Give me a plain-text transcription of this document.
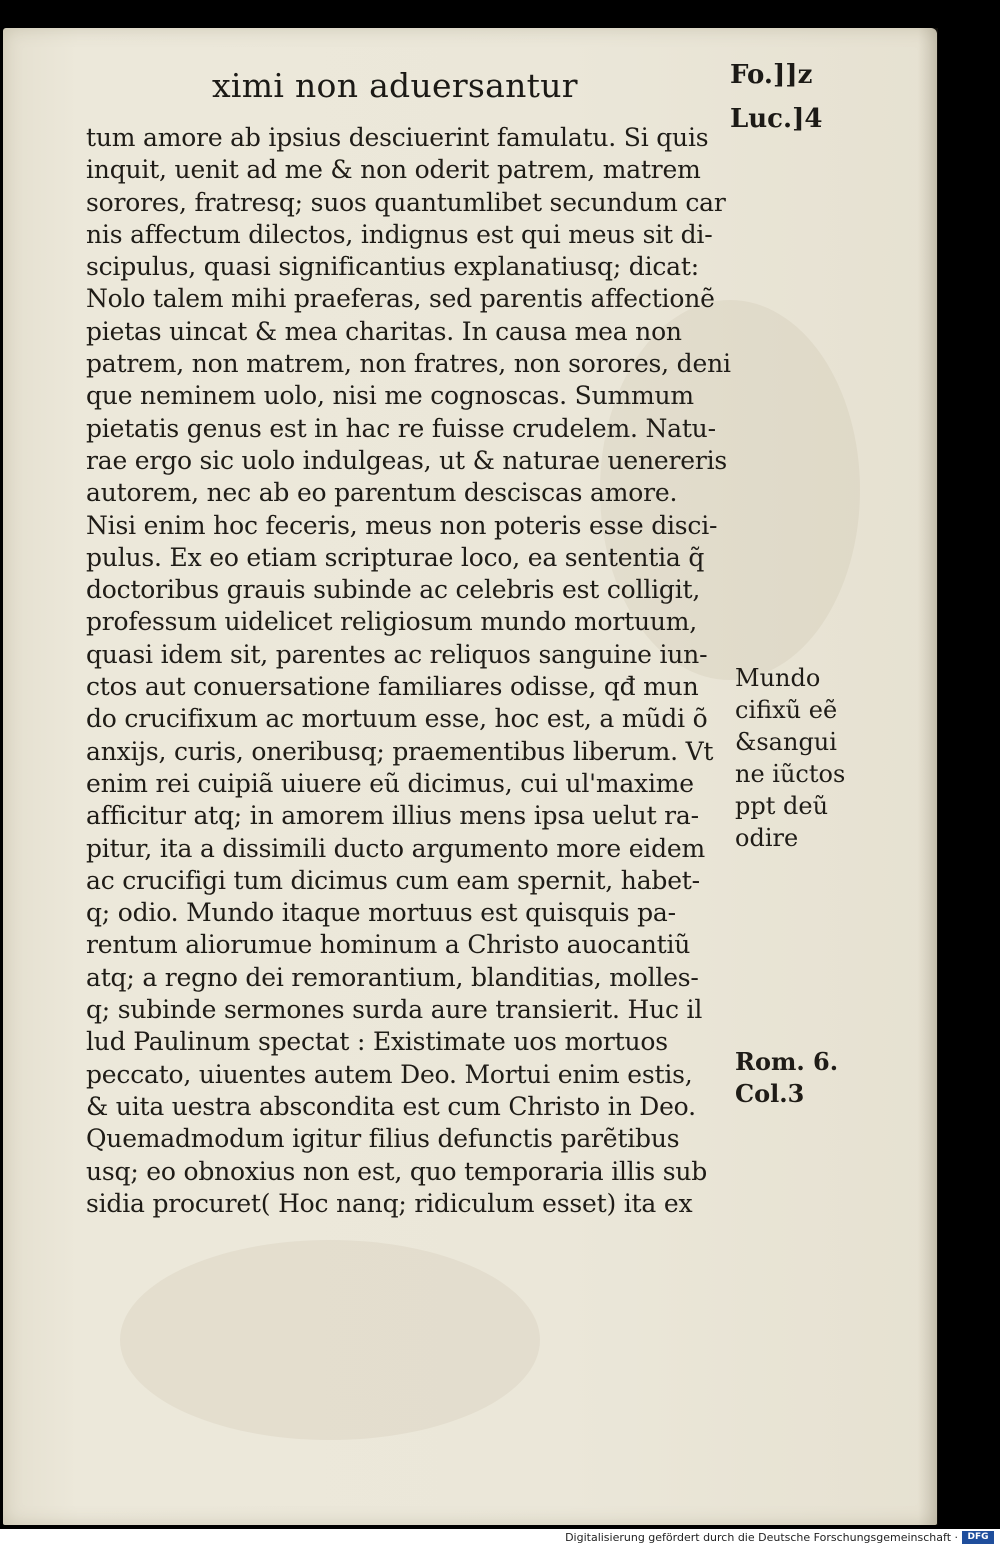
ximi non aduersantur	Fo.]]z
Luc.]4
tum amore ab ipsius desciuerint famulatu. Si quis
inquit, uenit ad me & non oderit patrem, matrem
sorores, fratresq; suos quantumlibet secundum car
nis affectum dilectos, indignus est qui meus sit di-
scipulus, quasi significantius explanatiusq; dicat:
Nolo talem mihi praeferas, sed parentis affectionẽ
pietas uincat & mea charitas. In causa mea non
patrem, non matrem, non fratres, non sorores, deni
que neminem uolo, nisi me cognoscas. Summum
pietatis genus est in hac re fuisse crudelem. Natu-
rae ergo sic uolo indulgeas, ut & naturae uenereris
autorem, nec ab eo parentum desciscas amore.
Nisi enim hoc feceris, meus non poteris esse disci-
pulus. Ex eo etiam scripturae loco, ea sententia q̃
doctoribus grauis subinde ac celebris est colligit,
professum uidelicet religiosum mundo mortuum,
quasi idem sit, parentes ac reliquos sanguine iun-
ctos aut conuersatione familiares odisse, qđ mun
do crucifixum ac mortuum esse, hoc est, a mũdi õ
anxijs, curis, oneribusq; praementibus liberum. Vt
enim rei cuipiã uiuere eũ dicimus, cui ul'maxime
afficitur atq; in amorem illius mens ipsa uelut ra-
pitur, ita a dissimili ducto argumento more eidem
ac crucifigi tum dicimus cum eam spernit, habet-
q; odio. Mundo itaque mortuus est quisquis pa-
rentum aliorumue hominum a Christo auocantiũ
atq; a regno dei remorantium, blanditias, molles-
q; subinde sermones surda aure transierit. Huc il
lud Paulinum spectat : Existimate uos mortuos
peccato, uiuentes autem Deo. Mortui enim estis,
& uita uestra abscondita est cum Christo in Deo.
Quemadmodum igitur filius defunctis parẽtibus
usq; eo obnoxius non est, quo temporaria illis sub
sidia procuret( Hoc nanq; ridiculum esset) ita ex
Mundo
cifixũ eẽ
&sangui
ne iũctos
ppt deũ
odire
Rom. 6.
Col.3
Digitalisierung gefördert durch die Deutsche Forschungsgemeinschaft ·	DFG
